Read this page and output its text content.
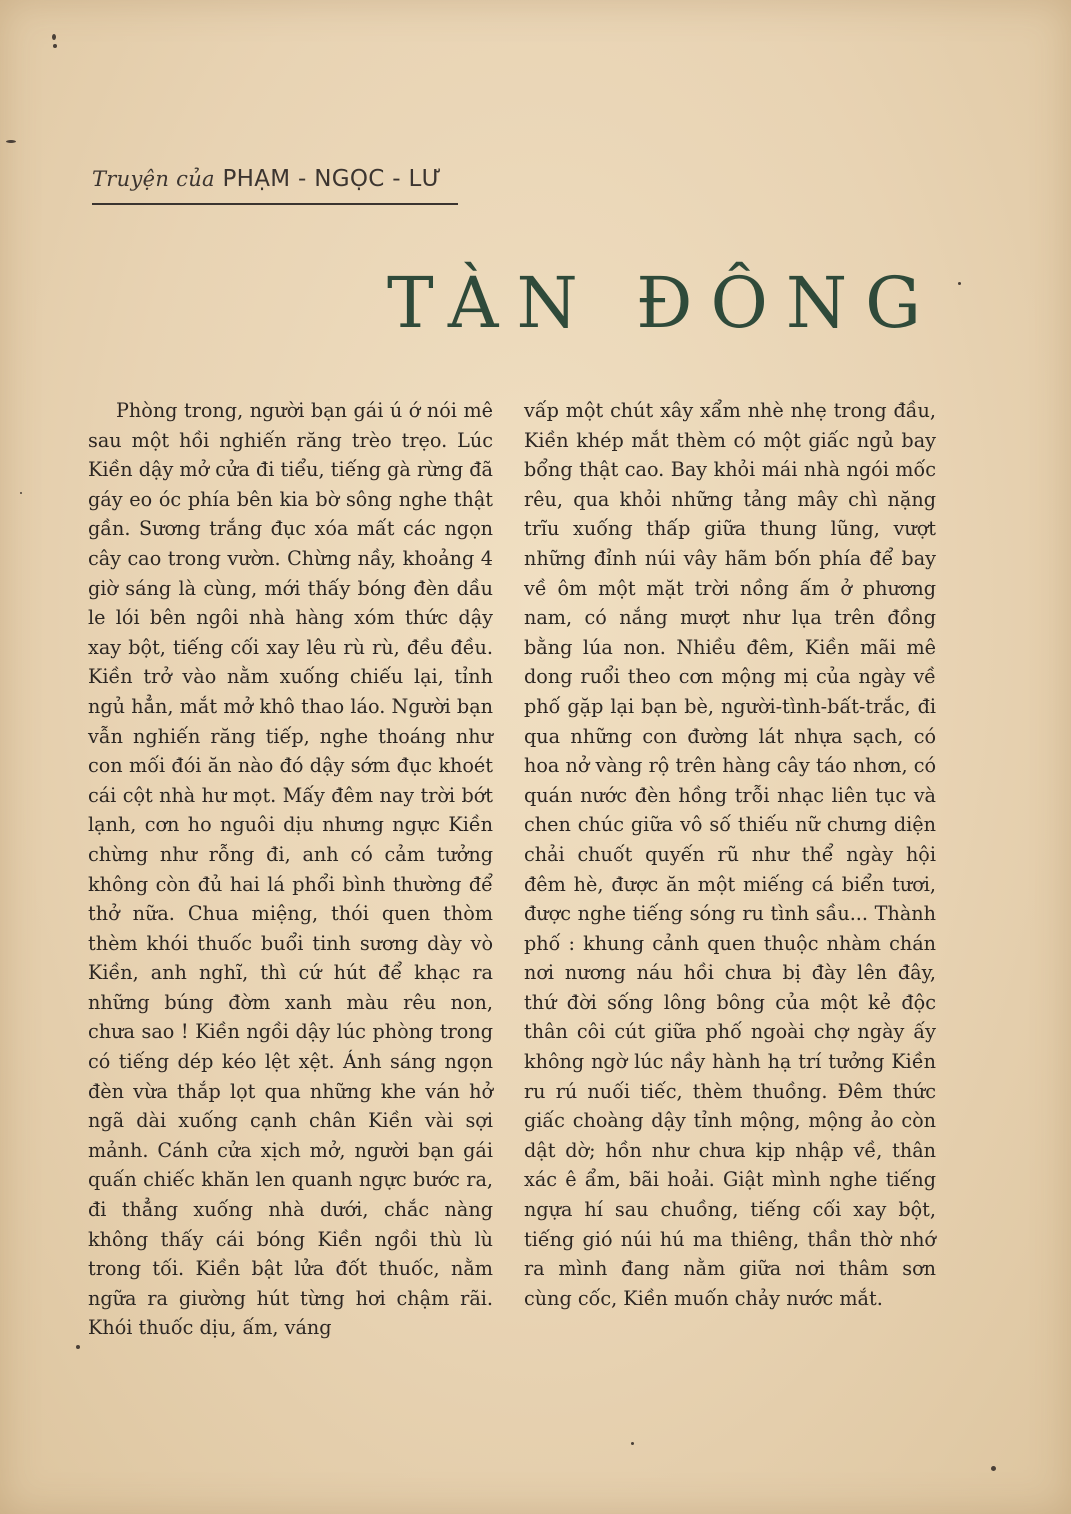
Truyện của PHẠM - NGỌC - LƯ
TÀN ĐÔNG

Phòng trong, người bạn gái ú ớ nói mê sau một hồi nghiến răng trèo trẹo. Lúc Kiền dậy mở cửa đi tiểu, tiếng gà rừng đã gáy eo óc phía bên kia bờ sông nghe thật gần. Sương trắng đục xóa mất các ngọn cây cao trong vườn. Chừng nầy, khoảng 4 giờ sáng là cùng, mới thấy bóng đèn dầu le lói bên ngôi nhà hàng xóm thức dậy xay bột, tiếng cối xay lêu rù rù, đều đều. Kiền trở vào nằm xuống chiếu lại, tỉnh ngủ hẳn, mắt mở khô thao láo. Người bạn vẫn nghiến răng tiếp, nghe thoáng như con mối đói ăn nào đó dậy sớm đục khoét cái cột nhà hư mọt. Mấy đêm nay trời bớt lạnh, cơn ho nguôi dịu nhưng ngực Kiền chừng như rỗng đi, anh có cảm tưởng không còn đủ hai lá phổi bình thường để thở nữa. Chua miệng, thói quen thòm thèm khói thuốc buổi tinh sương dày vò Kiền, anh nghĩ, thì cứ hút để khạc ra những búng đờm xanh màu rêu non, chưa sao ! Kiền ngồi dậy lúc phòng trong có tiếng dép kéo lệt xệt. Ánh sáng ngọn đèn vừa thắp lọt qua những khe ván hở ngã dài xuống cạnh chân Kiền vài sợi mảnh. Cánh cửa xịch mở, người bạn gái quấn chiếc khăn len quanh ngực bước ra, đi thẳng xuống nhà dưới, chắc nàng không thấy cái bóng Kiền ngồi thù lù trong tối. Kiền bật lửa đốt thuốc, nằm ngữa ra giường hút từng hơi chậm rãi. Khói thuốc dịu, ấm, váng

vấp một chút xây xẩm nhè nhẹ trong đầu, Kiền khép mắt thèm có một giấc ngủ bay bổng thật cao. Bay khỏi mái nhà ngói mốc rêu, qua khỏi những tảng mây chì nặng trĩu xuống thấp giữa thung lũng, vượt những đỉnh núi vây hãm bốn phía để bay về ôm một mặt trời nồng ấm ở phương nam, có nắng mượt như lụa trên đồng bằng lúa non. Nhiều đêm, Kiền mãi mê dong ruổi theo cơn mộng mị của ngày về phố gặp lại bạn bè, người-tình-bất-trắc, đi qua những con đường lát nhựa sạch, có hoa nở vàng rộ trên hàng cây táo nhơn, có quán nước đèn hồng trỗi nhạc liên tục và chen chúc giữa vô số thiếu nữ chưng diện chải chuốt quyến rũ như thể ngày hội đêm hè, được ăn một miếng cá biển tươi, được nghe tiếng sóng ru tình sầu... Thành phố : khung cảnh quen thuộc nhàm chán nơi nương náu hồi chưa bị đày lên đây, thứ đời sống lông bông của một kẻ độc thân côi cút giữa phố ngoài chợ ngày ấy không ngờ lúc nầy hành hạ trí tưởng Kiền ru rú nuối tiếc, thèm thuồng. Đêm thức giấc choàng dậy tỉnh mộng, mộng ảo còn dật dờ; hồn như chưa kịp nhập về, thân xác ê ẩm, bãi hoải. Giật mình nghe tiếng ngựa hí sau chuồng, tiếng cối xay bột, tiếng gió núi hú ma thiêng, thần thờ nhớ ra mình đang nằm giữa nơi thâm sơn cùng cốc, Kiền muốn chảy nước mắt.
